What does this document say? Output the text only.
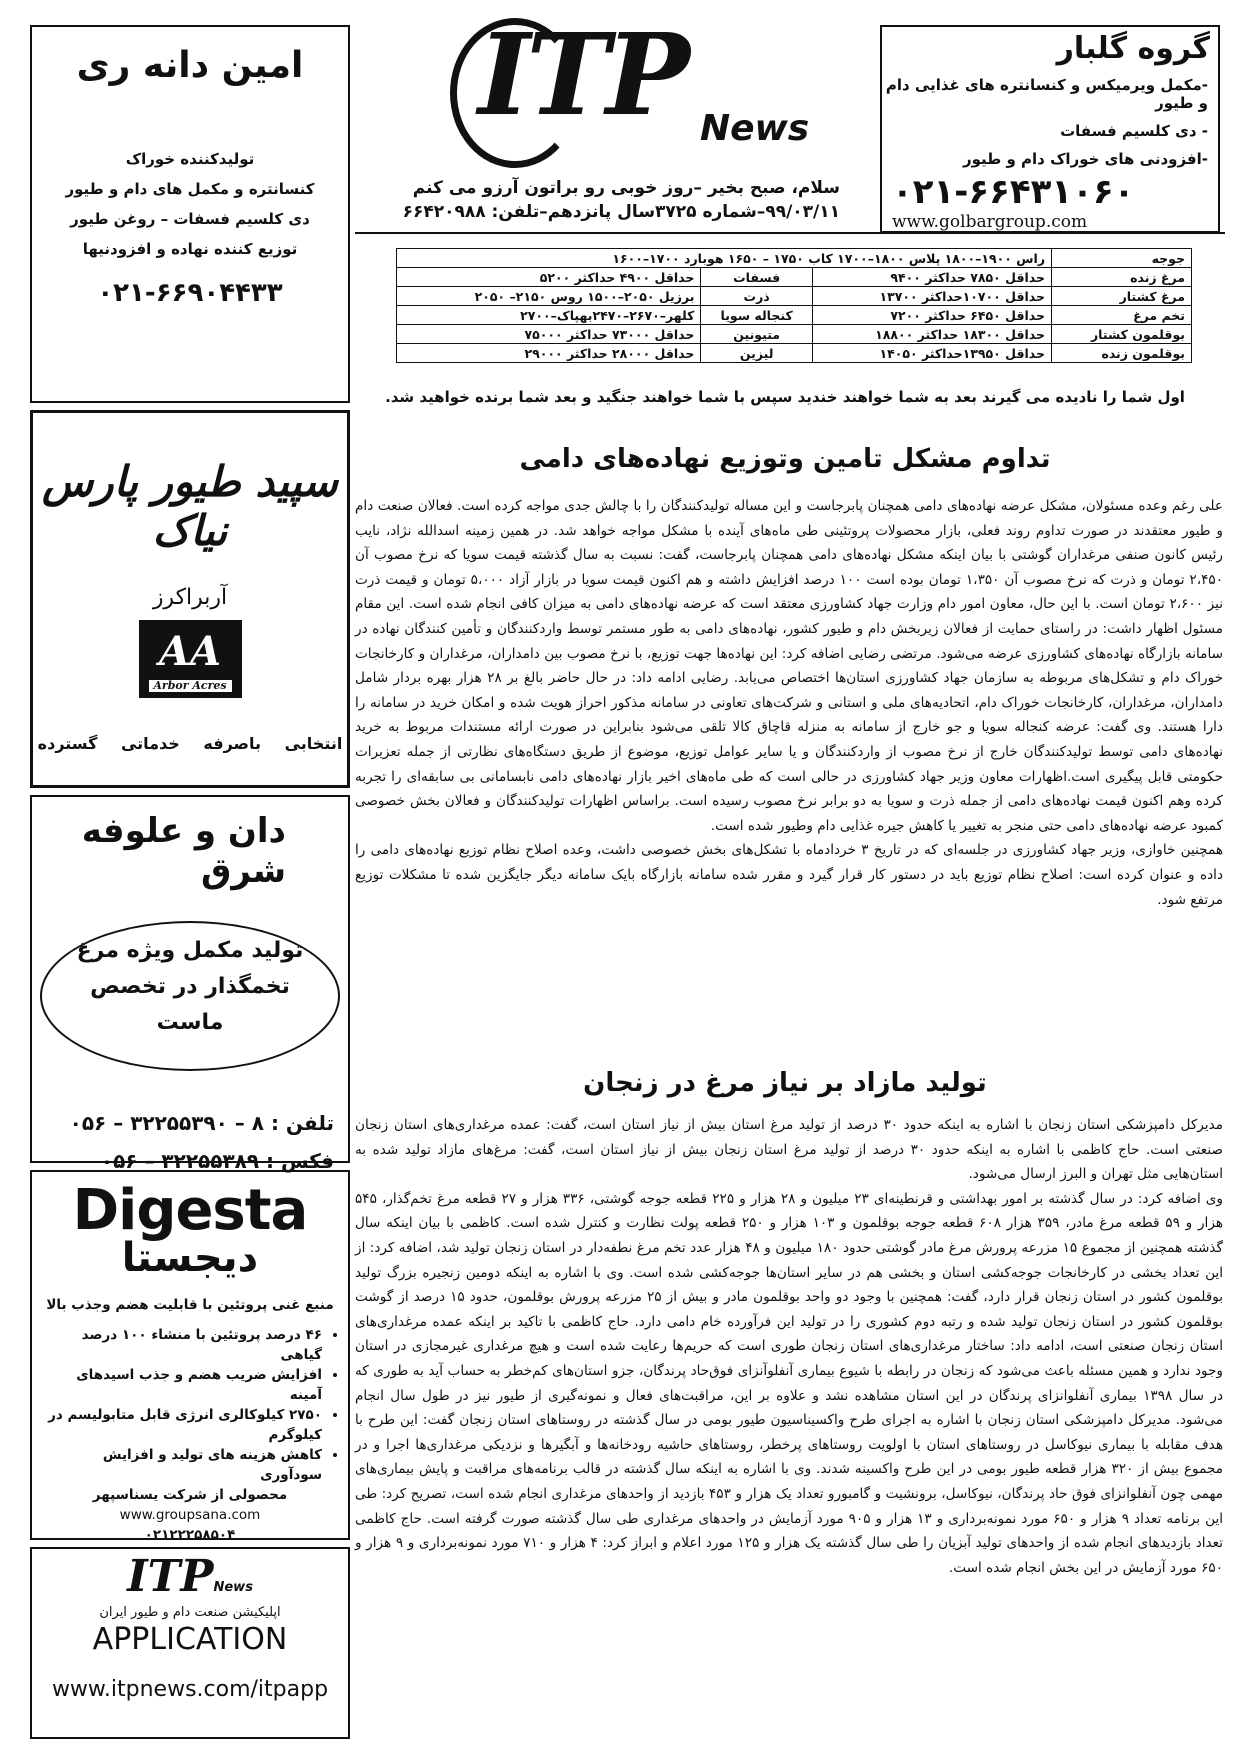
ITP News
سلام، صبح بخیر –روز خوبی رو براتون آرزو می کنم
۹۹/۰۳/۱۱–شماره ۳۷۲۵سال پانزدهم–تلفن: ۶۶۴۲۰۹۸۸
گروه گلبار
-مکمل ویرمیکس و کنسانتره های غذایی دام و طیور
- دی کلسیم فسفات
-افزودنی های خوراک دام و طیور
۰۲۱-۶۶۴۳۱۰۶۰
www.golbargroup.com
جوجه	راس ۱۹۰۰–۱۸۰۰ پلاس ۱۸۰۰–۱۷۰۰ کاب ۱۷۵۰ – ۱۶۵۰ هوبارد ۱۷۰۰–۱۶۰۰		
مرغ زنده	حداقل ۷۸۵۰ حداکثر ۹۴۰۰	فسفات	حداقل ۴۹۰۰ حداکثر ۵۲۰۰
مرغ کشتار	حداقل ۱۰۷۰۰حداکثر ۱۳۷۰۰	ذرت	برزیل ۲۰۵۰–۱۵۰۰ روس ۲۱۵۰– ۲۰۵۰
تخم مرغ	حداقل ۶۴۵۰ حداکثر ۷۲۰۰	کنجاله سویا	کلهر–۲۶۷۰–۲۴۷۰بهپاک–۲۷۰۰
بوقلمون کشتار	حداقل ۱۸۳۰۰ حداکثر ۱۸۸۰۰	متیونین	حداقل ۷۳۰۰۰ حداکثر ۷۵۰۰۰
بوقلمون زنده	حداقل ۱۳۹۵۰حداکثر ۱۴۰۵۰	لیزین	حداقل ۲۸۰۰۰ حداکثر ۲۹۰۰۰
اول شما را نادیده می گیرند بعد به شما خواهند خندید سپس با شما خواهند جنگید و بعد شما برنده خواهید شد.
تداوم مشکل تامین وتوزیع نهاده‌های دامی

علی رغم وعده مسئولان، مشکل عرضه نهاده‌های دامی همچنان پابرجاست و این مساله تولیدکنندگان را با چالش جدی مواجه کرده است. فعالان صنعت دام و طیور معتقدند در صورت تداوم روند فعلی، بازار محصولات پروتئینی طی ماه‌های آینده با مشکل مواجه خواهد شد. در همین زمینه اسدالله نژاد، نایب رئیس کانون صنفی مرغداران گوشتی با بیان اینکه مشکل نهاده‌های دامی همچنان پابرجاست، گفت: نسبت به سال گذشته قیمت سویا که نرخ مصوب آن ۲،۴۵۰ تومان و ذرت که نرخ مصوب آن ۱،۳۵۰ تومان بوده است ۱۰۰ درصد افزایش داشته و هم اکنون قیمت سویا در بازار آزاد ۵،۰۰۰ تومان و قیمت ذرت نیز ۲،۶۰۰ تومان است. با این حال، معاون امور دام وزارت جهاد کشاورزی معتقد است که عرضه نهاده‌های دامی به میزان کافی انجام شده است. این مقام مسئول اظهار داشت: در راستای حمایت از فعالان زیربخش دام و طیور کشور، نهاده‌های دامی به طور مستمر توسط واردکنندگان و تأمین کنندگان نهاده در سامانه بازارگاه نهاده‌های کشاورزی عرضه می‌شود. مرتضی رضایی اضافه کرد: این نهاده‌ها جهت توزیع، با نرخ مصوب بین دامداران، مرغداران و کارخانجات خوراک دام و تشکل‌های مربوطه به سازمان جهاد کشاورزی استان‌ها اختصاص می‌یابد. رضایی ادامه داد: در حال حاضر بالغ بر ۲۸ هزار بهره بردار شامل دامداران، مرغداران، کارخانجات خوراک دام، اتحادیه‌های ملی و استانی و شرکت‌های تعاونی در سامانه مذکور احراز هویت شده و امکان خرید در سامانه را دارا هستند. وی گفت: عرضه کنجاله سویا و جو خارج از سامانه به منزله قاچاق کالا تلقی می‌شود بنابراین در صورت ارائه مستندات مربوط به خرید نهاده‌های دامی توسط تولیدکنندگان خارج از نرخ مصوب از واردکنندگان و یا سایر عوامل توزیع، موضوع از طریق دستگاه‌های نظارتی از جمله تعزیرات حکومتی قابل پیگیری است.اظهارات معاون وزیر جهاد کشاورزی در حالی است که طی ماه‌های اخیر بازار نهاده‌های دامی نابسامانی بی سابقه‌ای را تجربه کرده وهم اکنون قیمت نهاده‌های دامی از جمله ذرت و سویا به دو برابر نرخ مصوب رسیده است. براساس اظهارات تولیدکنندگان و فعالان بخش خصوصی کمبود عرضه نهاده‌های دامی حتی منجر به تغییر یا کاهش جیره غذایی دام وطیور شده است.

همچنین خاوازی، وزیر جهاد کشاورزی در جلسه‌ای که در تاریخ ۳ خردادماه با تشکل‌های بخش خصوصی داشت، وعده اصلاح نظام توزیع نهاده‌های دامی را داده و عنوان کرده است: اصلاح نظام توزیع باید در دستور کار قرار گیرد و مقرر شده سامانه بازارگاه بایک سامانه دیگر جایگزین شده تا مشکلات توزیع مرتفع شود.

تولید مازاد بر نیاز مرغ در زنجان

مدیرکل دامپزشکی استان زنجان با اشاره به اینکه حدود ۳۰ درصد از تولید مرغ استان بیش از نیاز استان است، گفت: عمده مرغداری‌های استان زنجان صنعتی است. حاج کاظمی با اشاره به اینکه حدود ۳۰ درصد از تولید مرغ استان زنجان بیش از نیاز استان است، گفت: مرغ‌های مازاد تولید شده به استان‌هایی مثل تهران و البرز ارسال می‌شود.

وی اضافه کرد: در سال گذشته بر امور بهداشتی و قرنطینه‌ای ۲۳ میلیون و ۲۸ هزار و ۲۲۵ قطعه جوجه گوشتی، ۳۳۶ هزار و ۲۷ قطعه مرغ تخم‌گذار، ۵۴۵ هزار و ۵۹ قطعه مرغ مادر، ۳۵۹ هزار ۶۰۸ قطعه جوجه بوقلمون و ۱۰۳ هزار و ۲۵۰ قطعه پولت نظارت و کنترل شده است. کاظمی با بیان اینکه سال گذشته همچنین از مجموع ۱۵ مزرعه پرورش مرغ مادر گوشتی حدود ۱۸۰ میلیون و ۴۸ هزار عدد تخم مرغ نطفه‌دار در استان زنجان تولید شد، اضافه کرد: از این تعداد بخشی در کارخانجات جوجه‌کشی استان و بخشی هم در سایر استان‌ها جوجه‌کشی شده است. وی با اشاره به اینکه دومین زنجیره بزرگ تولید بوقلمون کشور در استان زنجان قرار دارد، گفت: همچنین با وجود دو واحد بوقلمون مادر و بیش از ۲۵ مزرعه پرورش بوقلمون، حدود ۱۵ درصد از گوشت بوقلمون کشور در استان زنجان تولید شده و رتبه دوم کشوری را در تولید این فرآورده خام دامی دارد. حاج کاظمی با تاکید بر اینکه عمده مرغداری‌های استان زنجان صنعتی است، ادامه داد: ساختار مرغداری‌های استان زنجان طوری است که حریم‌ها رعایت شده است و هیچ مرغداری غیرمجازی در استان وجود ندارد و همین مسئله باعث می‌شود که زنجان در رابطه با شیوع بیماری آنفلوآنزای فوق‌حاد پرندگان، جزو استان‌های کم‌خطر به حساب آید به طوری که در سال ۱۳۹۸ بیماری آنفلوانزای پرندگان در این استان مشاهده نشد و علاوه بر این، مراقبت‌های فعال و نمونه‌گیری از طیور نیز در طول سال انجام می‌شود. مدیرکل دامپزشکی استان زنجان با اشاره به اجرای طرح واکسیناسیون طیور بومی در سال گذشته در روستاهای استان زنجان گفت: این طرح با هدف مقابله با بیماری نیوکاسل در روستاهای استان با اولویت روستاهای پرخطر، روستاهای حاشیه رودخانه‌ها و آبگیرها و نزدیکی مرغداری‌ها اجرا و در مجموع بیش از ۳۲۰ هزار قطعه طیور بومی در این طرح واکسینه شدند. وی با اشاره به اینکه سال گذشته در قالب برنامه‌های مراقبت و پایش بیماری‌های مهمی چون آنفلوانزای فوق حاد پرندگان، نیوکاسل، برونشیت و گامبورو تعداد یک هزار و ۴۵۳ بازدید از واحدهای مرغداری انجام شده است، تصریح کرد: طی این برنامه تعداد ۹ هزار و ۶۵۰ مورد نمونه‌برداری و ۱۳ هزار و ۹۰۵ مورد آزمایش در واحدهای مرغداری طی سال گذشته صورت گرفته است. حاج کاظمی تعداد بازدیدهای انجام شده از واحدهای تولید آبزیان را طی سال گذشته یک هزار و ۱۲۵ مورد اعلام و ابراز کرد: ۴ هزار و ۷۱۰ مورد نمونه‌برداری و ۹ هزار و ۶۵۰ مورد آزمایش در این بخش انجام شده است.

امین دانه ری
تولیدکننده خوراک
کنسانتره و مکمل های دام و طیور
دی کلسیم فسفات – روغن طیور
توزیع کننده نهاده و افزودنیها
۰۲۱-۶۶۹۰۴۴۳۳
سپید طیور پارس نیاک
آربراکرز
AA
Arbor Acres
انتخابی باصرفه خدماتی گسترده
دان و علوفه شرق
تولید مکمل ویژه مرغ
تخمگذار در تخصص
ماست
تلفن : ۸ – ۳۲۲۵۵۳۹۰ – ۰۵۶
فکس : ۳۲۲۵۵۳۸۹ – ۰۵۶
Digesta
دیجستا
منبع غنی پروتئین با قابلیت هضم وجذب بالا
• ۴۶ درصد پروتئین با منشاء ۱۰۰ درصد گیاهی
• افزایش ضریب هضم و جذب اسیدهای آمینه
• ۲۷۵۰ کیلوکالری انرژی قابل متابولیسم در کیلوگرم
• کاهش هزینه های تولید و افزایش سودآوری
محصولی از شرکت یسناسپهر
www.groupsana.com
۰۲۱۲۲۲۵۸۵۰۴
ITPNews
اپلیکیشن صنعت دام و طیور ایران
APPLICATION
www.itpnews.com/itpapp
